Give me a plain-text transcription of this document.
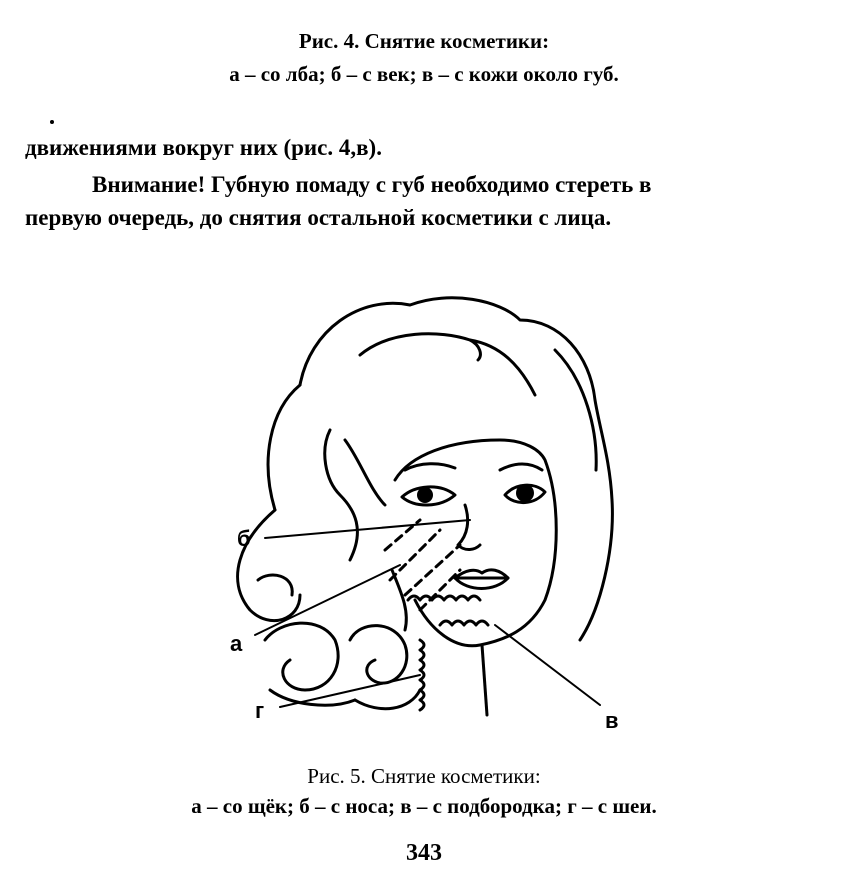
Рис. 4. Снятие косметики:
а – со лба; б – с век; в – с кожи около губ.
движениями вокруг них (рис. 4,в).
Внимание! Губную помаду с губ необходимо стереть в
первую очередь, до снятия остальной косметики с лица.
б
а
г	в
Рис. 5. Снятие косметики:
а – со щёк; б – с носа; в – с подбородка; г – с шеи.
343
